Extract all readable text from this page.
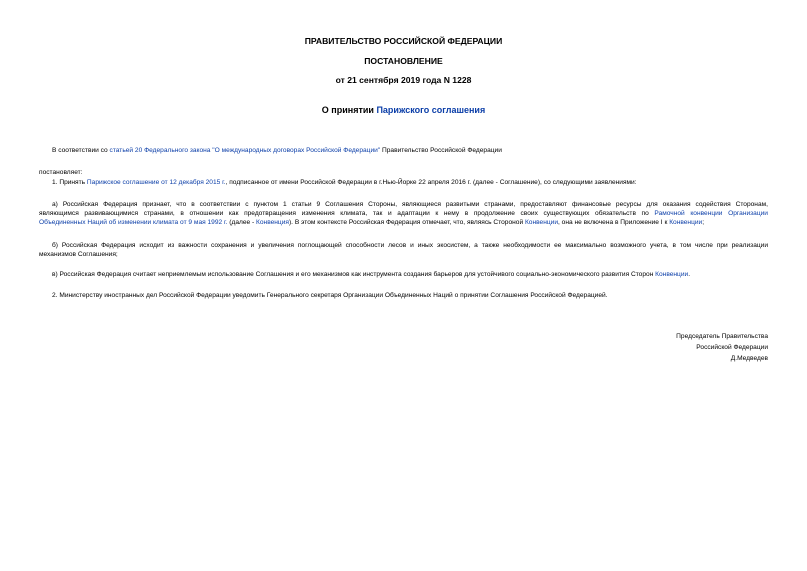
ПРАВИТЕЛЬСТВО РОССИЙСКОЙ ФЕДЕРАЦИИ
ПОСТАНОВЛЕНИЕ
от 21 сентября 2019 года N 1228
О принятии Парижского соглашения
В соответствии со статьей 20 Федерального закона "О международных договорах Российской Федерации" Правительство Российской Федерации
постановляет:
1. Принять Парижское соглашение от 12 декабря 2015 г., подписанное от имени Российской Федерации в г.Нью-Йорке 22 апреля 2016 г. (далее - Соглашение), со следующими заявлениями:
а) Российская Федерация признает, что в соответствии с пунктом 1 статьи 9 Соглашения Стороны, являющиеся развитыми странами, предоставляют финансовые ресурсы для оказания содействия Сторонам,
являющимся развивающимися странами, в отношении как предотвращения изменения климата, так и адаптации к нему в продолжение своих существующих обязательств по Рамочной конвенции Организации
Объединенных Наций об изменении климата от 9 мая 1992 г. (далее - Конвенция). В этом контексте Российская Федерация отмечает, что, являясь Стороной Конвенции, она не включена в Приложение I к Конвенции;
б) Российская Федерация исходит из важности сохранения и увеличения поглощающей способности лесов и иных экосистем, а также необходимости ее максимально возможного учета, в том числе при реализации
механизмов Соглашения;
в) Российская Федерация считает неприемлемым использование Соглашения и его механизмов как инструмента создания барьеров для устойчивого социально-экономического развития Сторон Конвенции.
2. Министерству иностранных дел Российской Федерации уведомить Генерального секретаря Организации Объединенных Наций о принятии Соглашения Российской Федерацией.
Председатель Правительства
Российской Федерации
Д.Медведев
